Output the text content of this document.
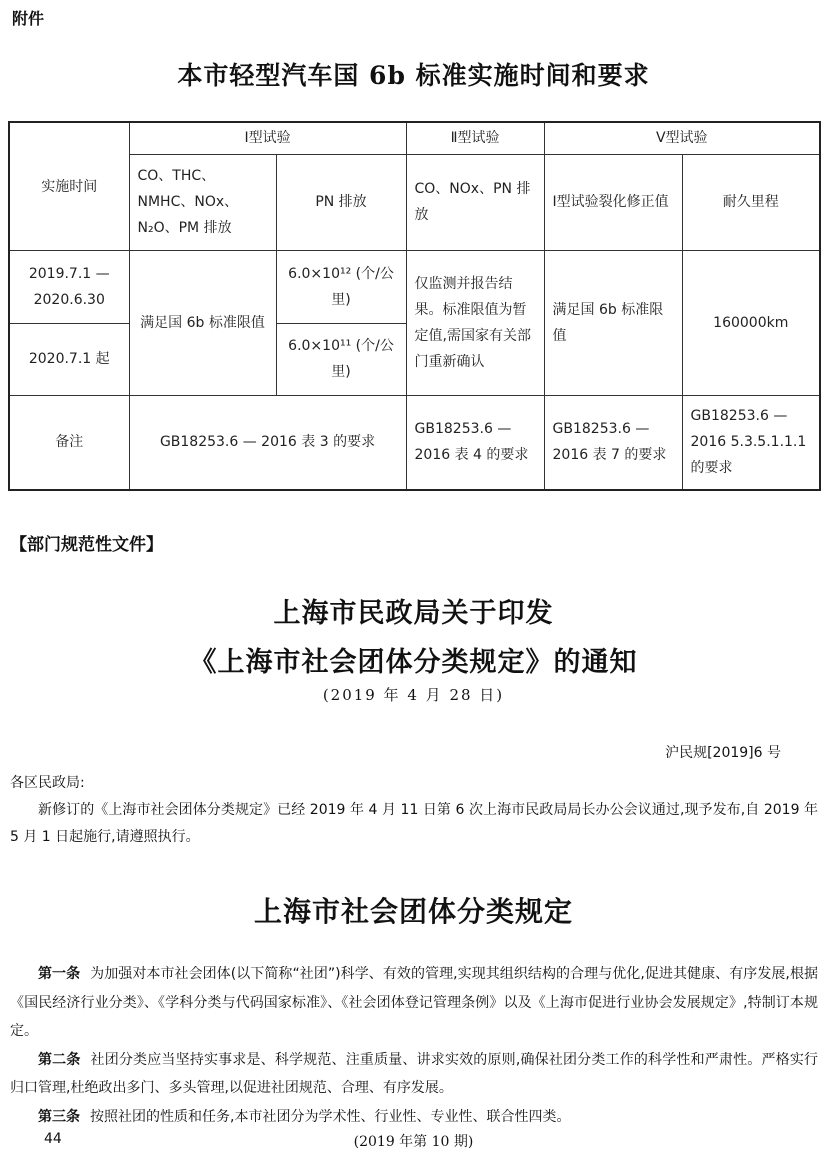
附件
本市轻型汽车国 6b 标准实施时间和要求
实施时间	Ⅰ型试验		Ⅱ型试验	Ⅴ型试验	
	CO、THC、NMHC、NOx、N₂O、PM 排放	PN 排放	CO、NOx、PN 排放	Ⅰ型试验裂化修正值	耐久里程
2019.7.1 — 2020.6.30	满足国 6b 标准限值	6.0×10¹² (个/公里)	仅监测并报告结果。标准限值为暂定值,需国家有关部门重新确认	满足国 6b 标准限值	160000km
2020.7.1 起		6.0×10¹¹ (个/公里)			
备注	GB18253.6 — 2016 表 3 的要求		GB18253.6 — 2016 表 4 的要求	GB18253.6 — 2016 表 7 的要求	GB18253.6 — 2016 5.3.5.1.1.1 的要求
【部门规范性文件】
上海市民政局关于印发
《上海市社会团体分类规定》的通知
(2019 年 4 月 28 日)
沪民规[2019]6 号
各区民政局:
新修订的《上海市社会团体分类规定》已经 2019 年 4 月 11 日第 6 次上海市民政局局长办公会议通过,现予发布,自 2019 年 5 月 1 日起施行,请遵照执行。
上海市社会团体分类规定

第一条 为加强对本市社会团体(以下简称“社团”)科学、有效的管理,实现其组织结构的合理与优化,促进其健康、有序发展,根据《国民经济行业分类》、《学科分类与代码国家标准》、《社会团体登记管理条例》以及《上海市促进行业协会发展规定》,特制订本规定。

第二条 社团分类应当坚持实事求是、科学规范、注重质量、讲求实效的原则,确保社团分类工作的科学性和严肃性。严格实行归口管理,杜绝政出多门、多头管理,以促进社团规范、合理、有序发展。

第三条 按照社团的性质和任务,本市社团分为学术性、行业性、专业性、联合性四类。

44	(2019 年第 10 期)
